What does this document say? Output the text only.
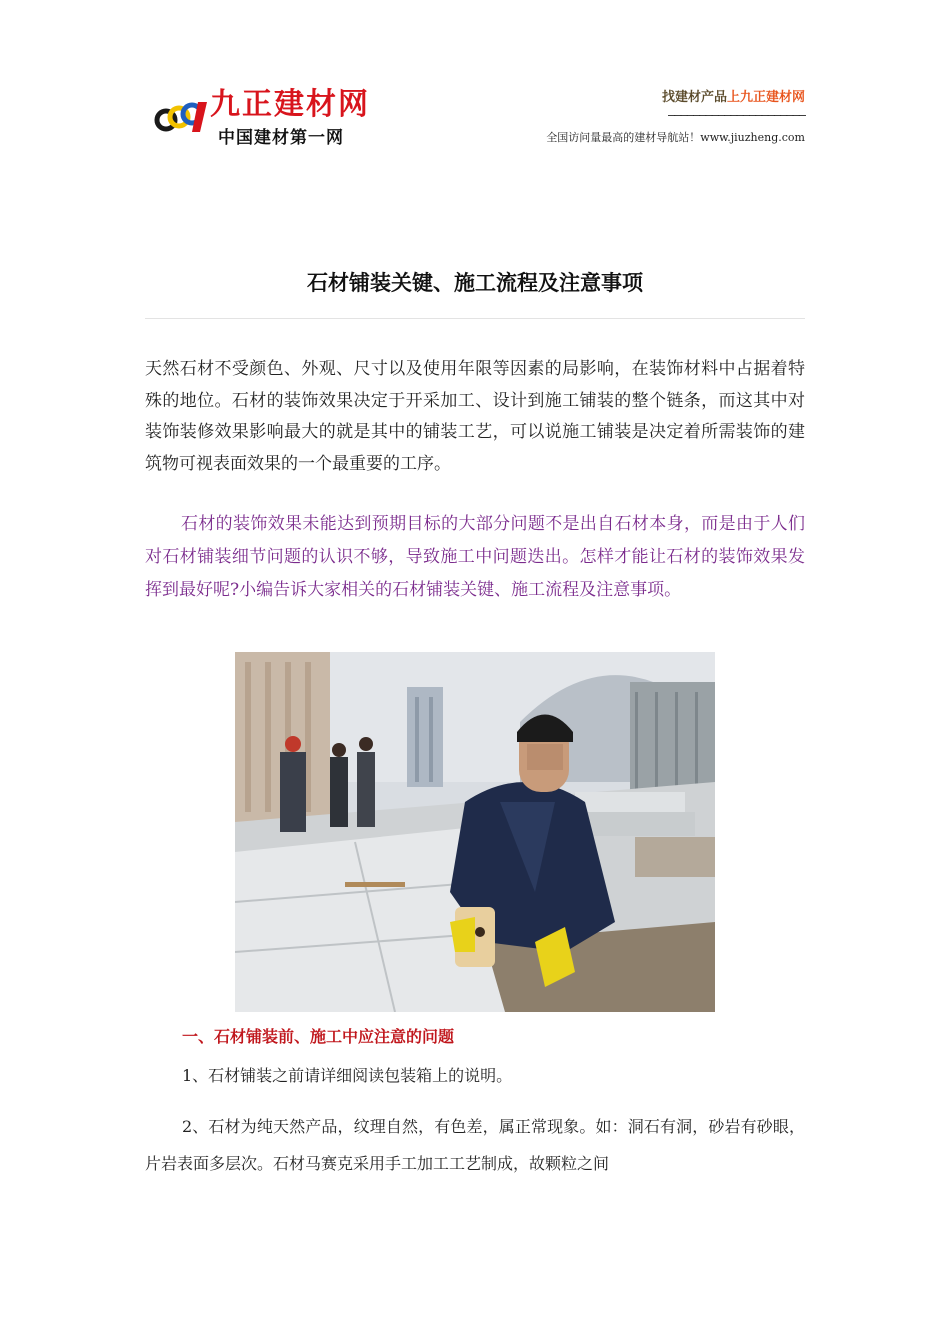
九正建材网
中国建材第一网
找建材产品上九正建材网
——————————————————————
全国访问量最高的建材导航站！www.jiuzheng.com
石材铺装关键、施工流程及注意事项

天然石材不受颜色、外观、尺寸以及使用年限等因素的局影响，在装饰材料中占据着特殊的地位。石材的装饰效果决定于开采加工、设计到施工铺装的整个链条，而这其中对装饰装修效果影响最大的就是其中的铺装工艺，可以说施工铺装是决定着所需装饰的建筑物可视表面效果的一个最重要的工序。

石材的装饰效果未能达到预期目标的大部分问题不是出自石材本身，而是由于人们对石材铺装细节问题的认识不够，导致施工中问题迭出。怎样才能让石材的装饰效果发挥到最好呢?小编告诉大家相关的石材铺装关键、施工流程及注意事项。

一、石材铺装前、施工中应注意的问题

1、石材铺装之前请详细阅读包装箱上的说明。

2、石材为纯天然产品，纹理自然，有色差，属正常现象。如：洞石有洞，砂岩有砂眼，片岩表面多层次。石材马赛克采用手工加工工艺制成，故颗粒之间
